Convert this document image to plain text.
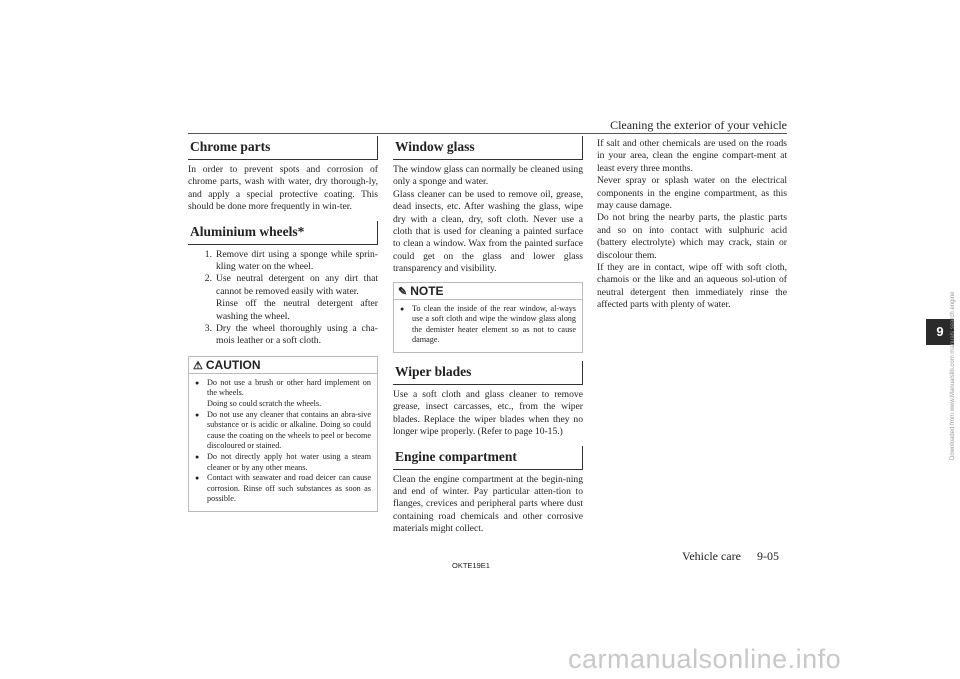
Cleaning the exterior of your vehicle
Chrome parts

In order to prevent spots and corrosion of chrome parts, wash with water, dry thorough-ly, and apply a special protective coating. This should be done more frequently in win-ter.

Aluminium wheels*
1. Remove dirt using a sponge while sprin-kling water on the wheel.
2. Use neutral detergent on any dirt that cannot be removed easily with water.
Rinse off the neutral detergent after washing the wheel.
3. Dry the wheel thoroughly using a cha-mois leather or a soft cloth.
⚠ CAUTION
● Do not use a brush or other hard implement on the wheels.
Doing so could scratch the wheels.
● Do not use any cleaner that contains an abra-sive substance or is acidic or alkaline. Doing so could cause the coating on the wheels to peel or become discoloured or stained.
● Do not directly apply hot water using a steam cleaner or by any other means.
● Contact with seawater and road deicer can cause corrosion. Rinse off such substances as soon as possible.
Window glass

The window glass can normally be cleaned using only a sponge and water.

Glass cleaner can be used to remove oil, grease, dead insects, etc. After washing the glass, wipe dry with a clean, dry, soft cloth. Never use a cloth that is used for cleaning a painted surface to clean a window. Wax from the painted surface could get on the glass and lower glass transparency and visibility.

✎ NOTE
● To clean the inside of the rear window, al-ways use a soft cloth and wipe the window glass along the demister heater element so as not to cause damage.
Wiper blades

Use a soft cloth and glass cleaner to remove grease, insect carcasses, etc., from the wiper blades. Replace the wiper blades when they no longer wipe properly. (Refer to page 10-15.)

Engine compartment

Clean the engine compartment at the begin-ning and end of winter. Pay particular atten-tion to flanges, crevices and peripheral parts where dust containing road chemicals and other corrosive materials might collect.

If salt and other chemicals are used on the roads in your area, clean the engine compart-ment at least every three months.

Never spray or splash water on the electrical components in the engine compartment, as this may cause damage.

Do not bring the nearby parts, the plastic parts and so on into contact with sulphuric acid (battery electrolyte) which may crack, stain or discolour them.

If they are in contact, wipe off with soft cloth, chamois or the like and an aqueous sol-ution of neutral detergent then immediately rinse the affected parts with plenty of water.

9
OKTE19E1
Vehicle care 9-05
carmanualsonline.info
Downloaded from www.Manualslib.com manuals search engine
